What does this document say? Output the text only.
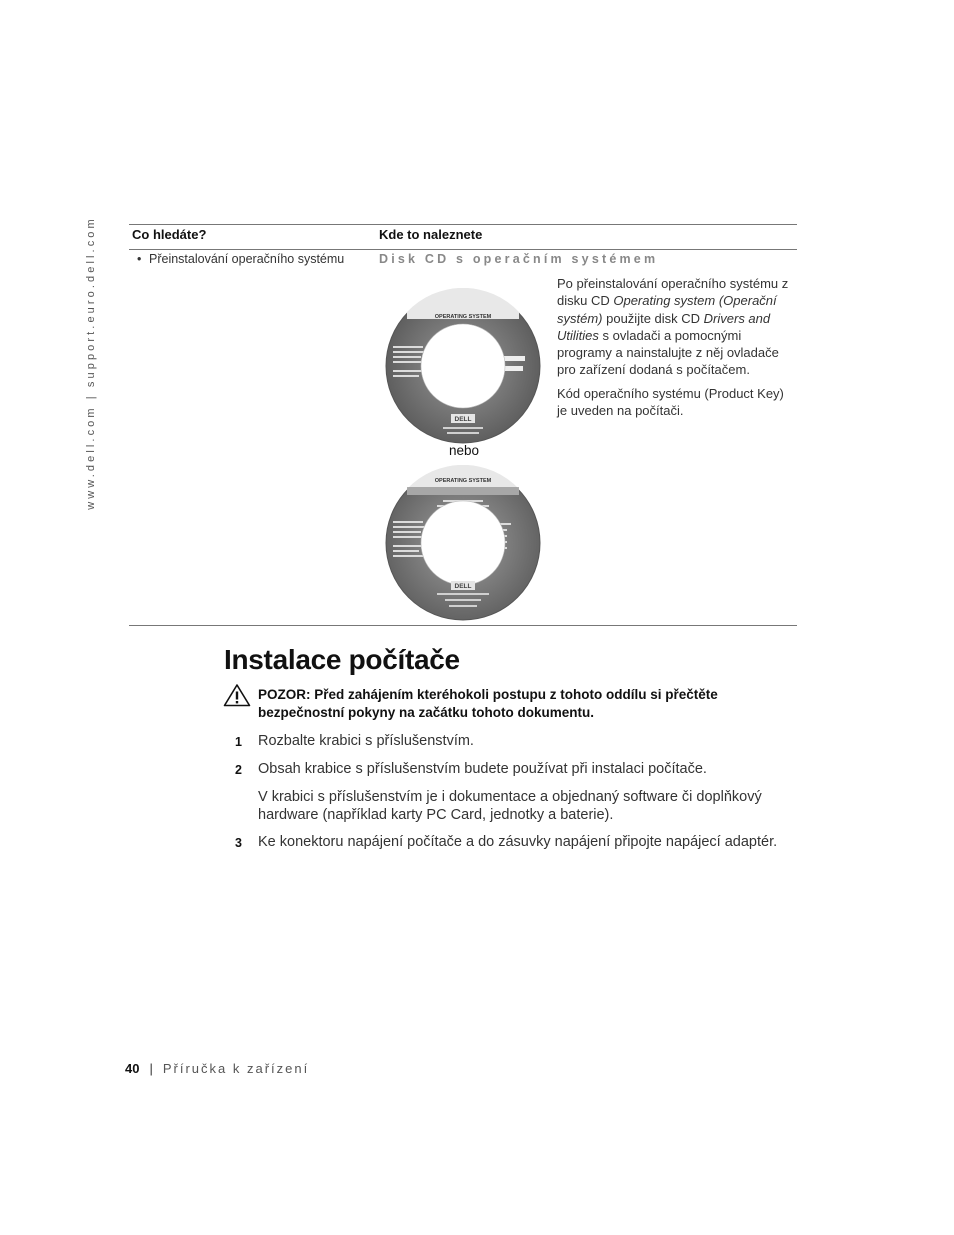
www.dell.com | support.euro.dell.com	Co hledáte?	Kde to naleznete
• Přeinstalování operačního systému	Disk CD s operačním systémem

Po přeinstalování operačního systému z disku CD Operating system (Operační systém) použijte disk CD Drivers and Utilities s ovladači a pomocnými programy a nainstalujte z něj ovladače pro zařízení dodaná s počítačem.

Kód operačního systému (Product Key) je uveden na počítači.

OPERATING SYSTEM
DELL
nebo
OPERATING SYSTEM
DELL
Instalace počítače
POZOR: Před zahájením kteréhokoli postupu z tohoto oddílu si přečtěte bezpečnostní pokyny na začátku tohoto dokumentu.
1 Rozbalte krabici s příslušenstvím.
2 Obsah krabice s příslušenstvím budete používat při instalaci počítače.
V krabici s příslušenstvím je i dokumentace a objednaný software či doplňkový hardware (například karty PC Card, jednotky a baterie).
3 Ke konektoru napájení počítače a do zásuvky napájení připojte napájecí adaptér.
40 | Příručka k zařízení
